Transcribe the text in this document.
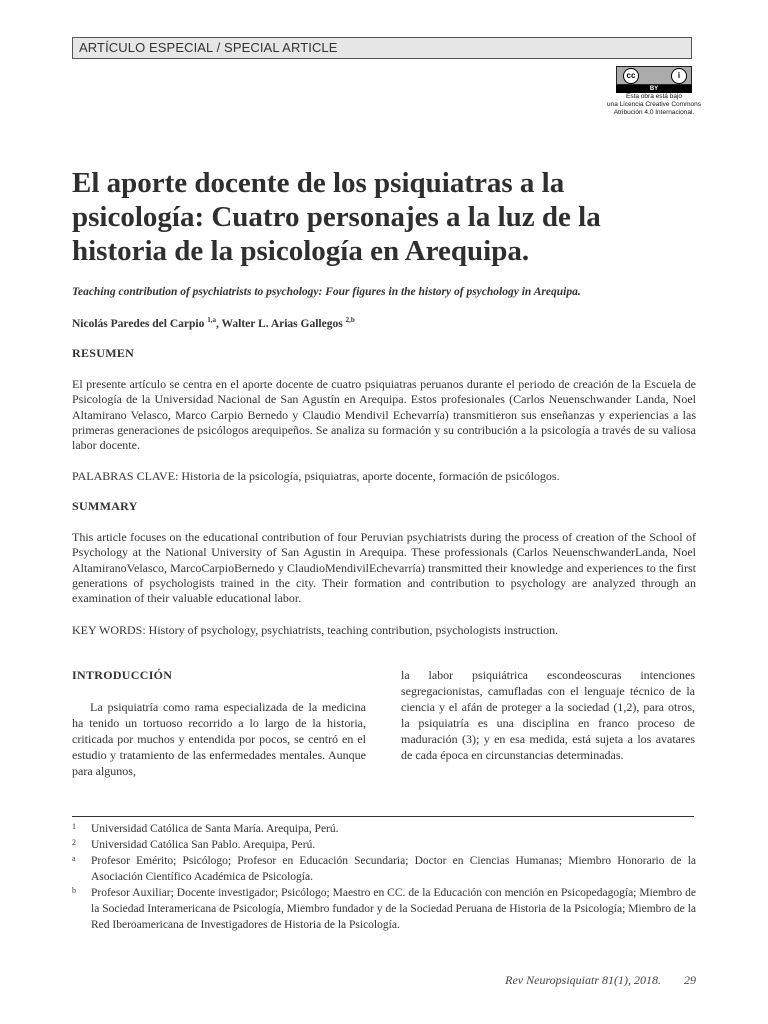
ARTÍCULO ESPECIAL / SPECIAL ARTICLE
cc	i
BY
Esta obra está bajo
una Licencia Creative Commons
Atribución 4.0 Internacional.
El aporte docente de los psiquiatras a la psicología: Cuatro personajes a la luz de la historia de la psicología en Arequipa.
Teaching contribution of psychiatrists to psychology: Four figures in the history of psychology in Arequipa.
Nicolás Paredes del Carpio $^{1,a}$, Walter L. Arias Gallegos $^{2,b}$
RESUMEN

El presente artículo se centra en el aporte docente de cuatro psiquiatras peruanos durante el periodo de creación de la Escuela de Psicología de la Universidad Nacional de San Agustín en Arequipa. Estos profesionales (Carlos Neuenschwander Landa, Noel Altamirano Velasco, Marco Carpio Bernedo y Claudio Mendivil Echevarría) transmitieron sus enseñanzas y experiencias a las primeras generaciones de psicólogos arequipeños. Se analiza su formación y su contribución a la psicología a través de su valiosa labor docente.

PALABRAS CLAVE: Historia de la psicología, psiquiatras, aporte docente, formación de psicólogos.
SUMMARY

This article focuses on the educational contribution of four Peruvian psychiatrists during the process of creation of the School of Psychology at the National University of San Agustin in Arequipa. These professionals (Carlos NeuenschwanderLanda, Noel AltamiranoVelasco, MarcoCarpioBernedo y ClaudioMendivilEchevarría) transmitted their knowledge and experiences to the first generations of psychologists trained in the city. Their formation and contribution to psychology are analyzed through an examination of their valuable educational labor.

KEY WORDS: History of psychology, psychiatrists, teaching contribution, psychologists instruction.
INTRODUCCIÓN

La psiquiatría como rama especializada de la medicina ha tenido un tortuoso recorrido a lo largo de la historia, criticada por muchos y entendida por pocos, se centró en el estudio y tratamiento de las enfermedades mentales. Aunque para algunos,

la labor psiquiátrica escondeoscuras intenciones segregacionistas, camufladas con el lenguaje técnico de la ciencia y el afán de proteger a la sociedad (1,2), para otros, la psiquiatría es una disciplina en franco proceso de maduración (3); y en esa medida, está sujeta a los avatares de cada época en circunstancias determinadas.

1	Universidad Católica de Santa María. Arequipa, Perú.
2	Universidad Católica San Pablo. Arequipa, Perú.
a	Profesor Emérito; Psicólogo; Profesor en Educación Secundaria; Doctor en Ciencias Humanas; Miembro Honorario de la Asociación Científico Académica de Psicología.
b	Profesor Auxiliar; Docente investigador; Psicólogo; Maestro en CC. de la Educación con mención en Psicopedagogía; Miembro de la Sociedad Interamericana de Psicología, Miembro fundador y de la Sociedad Peruana de Historia de la Psicología; Miembro de la Red Iberoamericana de Investigadores de Historia de la Psicología.
Rev Neuropsiquiatr 81(1), 2018. 29
